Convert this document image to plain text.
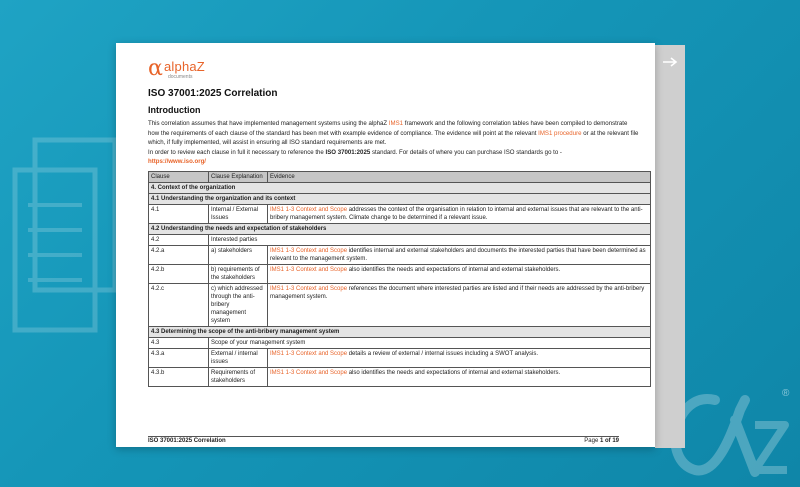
®
α alphaZ
documents
ISO 37001:2025 Correlation
Introduction
This correlation assumes that have implemented management systems using the alphaZ IMS1 framework and the following correlation tables have been compiled to demonstrate how the requirements of each clause of the standard has been met with example evidence of compliance. The evidence will point at the relevant IMS1 procedure or at the relevant file which, if fully implemented, will assist in ensuring all ISO standard requirements are met.
In order to review each clause in full it necessary to reference the ISO 37001:2025 standard. For details of where you can purchase ISO standards go to -
https://www.iso.org/
Clause	Clause Explanation	Evidence
4. Context of the organization		
4.1 Understanding the organization and its context		
4.1	Internal / External Issues	IMS1 1-3 Context and Scope addresses the context of the organisation in relation to internal and external issues that are relevant to the anti-bribery management system. Climate change to be determined if a relevant issue.
4.2 Understanding the needs and expectation of stakeholders		
4.2	Interested parties	
4.2.a	a) stakeholders	IMS1 1-3 Context and Scope identifies internal and external stakeholders and documents the interested parties that have been determined as relevant to the management system.
4.2.b	b) requirements of the stakeholders	IMS1 1-3 Context and Scope also identifies the needs and expectations of internal and external stakeholders.
4.2.c	c) which addressed through the anti-bribery management system	IMS1 1-3 Context and Scope references the document where interested parties are listed and if their needs are addressed by the anti-bribery management system.
4.3 Determining the scope of the anti-bribery management system		
4.3	Scope of your management system	
4.3.a	External / internal issues	IMS1 1-3 Context and Scope details a review of external / internal issues including a SWOT analysis.
4.3.b	Requirements of stakeholders	IMS1 1-3 Context and Scope also identifies the needs and expectations of internal and external stakeholders.
ISO 37001:2025 Correlation	Page 1 of 19
